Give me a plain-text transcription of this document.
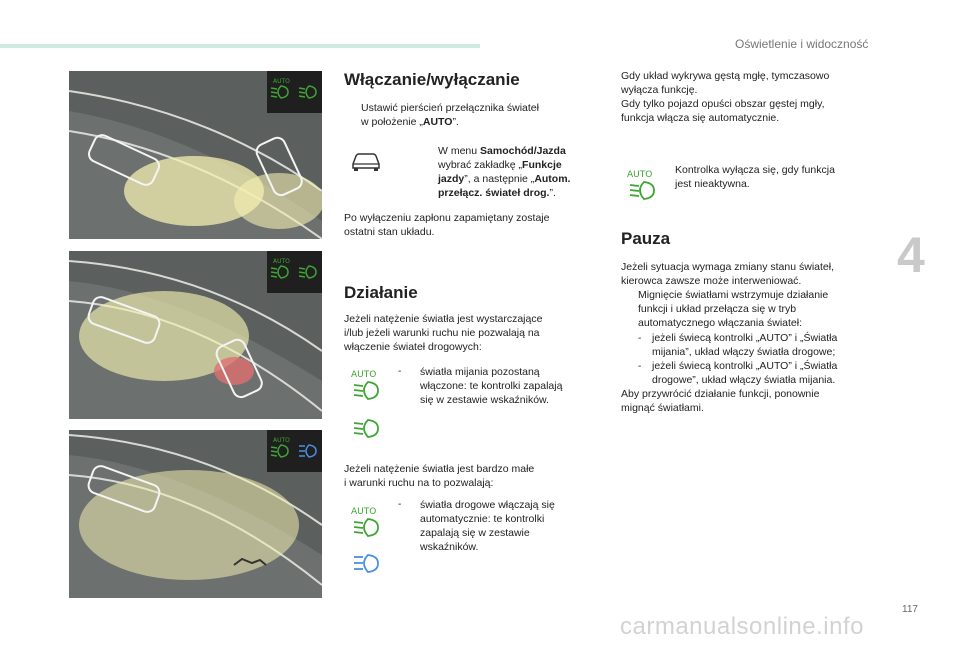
Oświetlenie i widoczność
4
117
carmanualsonline.info
AUTO
AUTO
AUTO
Włączanie/wyłączanie
Ustawić pierścień przełącznika świateł
w położenie „AUTO”.
W menu Samochód/Jazda
wybrać zakładkę „Funkcje
jazdy”, a następnie „Autom.
przełącz. świateł drog.”.
Po wyłączeniu zapłonu zapamiętany zostaje
ostatni stan układu.
Działanie
Jeżeli natężenie światła jest wystarczające
i/lub jeżeli warunki ruchu nie pozwalają na
włączenie świateł drogowych:
AUTO - światła mijania pozostaną
włączone: te kontrolki zapalają
się w zestawie wskaźników.
Jeżeli natężenie światła jest bardzo małe
i warunki ruchu na to pozwalają:
AUTO
- światła drogowe włączają się
automatycznie: te kontrolki
zapalają się w zestawie
wskaźników.
Gdy układ wykrywa gęstą mgłę, tymczasowo
wyłącza funkcję.
Gdy tylko pojazd opuści obszar gęstej mgły,
funkcja włącza się automatycznie.
AUTO Kontrolka wyłącza się, gdy funkcja
jest nieaktywna.
Pauza
Jeżeli sytuacja wymaga zmiany stanu świateł,
kierowca zawsze może interweniować.
Mignięcie światłami wstrzymuje działanie
funkcji i układ przełącza się w tryb
automatycznego włączania świateł:
- jeżeli świecą kontrolki „AUTO” i „Światła
mijania”, układ włączy światła drogowe;
- jeżeli świecą kontrolki „AUTO” i „Światła
drogowe”, układ włączy światła mijania.
Aby przywrócić działanie funkcji, ponownie
mignąć światłami.
